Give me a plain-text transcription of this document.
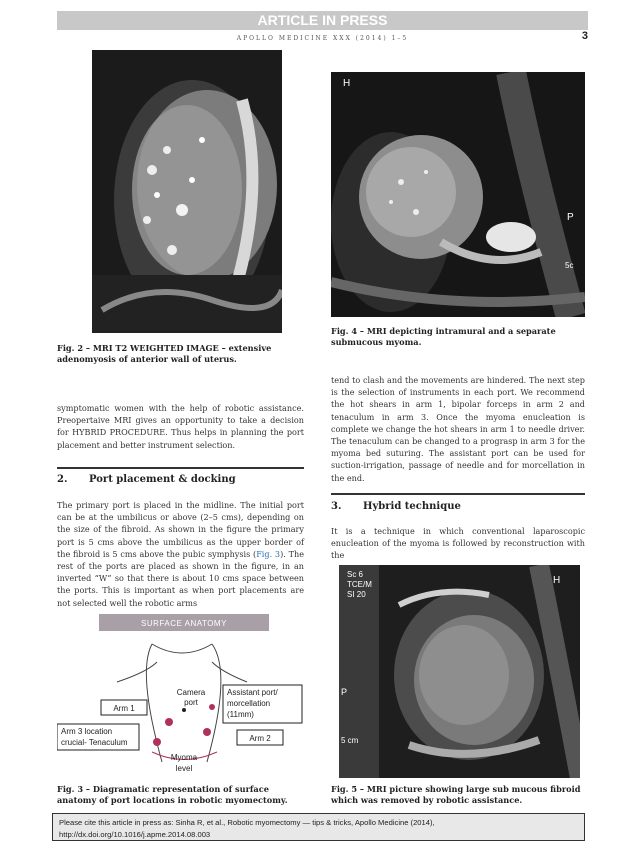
ARTICLE IN PRESS
APOLLO MEDICINE XXX (2014) 1–5	3
Fig. 2 – MRI T2 WEIGHTED IMAGE – extensive adenomyosis of anterior wall of uterus.
H
P
5c
Fig. 4 – MRI depicting intramural and a separate submucous myoma.
symptomatic women with the help of robotic assistance. Preopertaive MRI gives an opportunity to take a decision for HYBRID PROCEDURE. Thus helps in planning the port placement and better instrument selection.
2. Port placement & docking
The primary port is placed in the midline. The initial port can be at the umbilicus or above (2–5 cms), depending on the size of the fibroid. As shown in the figure the primary port is 5 cms above the umbilicus as the upper border of the fibroid is 5 cms above the pubic symphysis (Fig. 3). The rest of the ports are placed as shown in the figure, in an inverted “W” so that there is about 10 cms space between the ports. This is important as when port placements are not selected well the robotic arms
SURFACE ANATOMY
Arm 1
Camera
port
Assistant port/
morcellation
(11mm)
Arm 3 location
crucial- Tenaculum
Myoma
level
Arm 2
Fig. 3 – Diagramatic representation of surface anatomy of port locations in robotic myomectomy.
tend to clash and the movements are hindered. The next step is the selection of instruments in each port. We recommend the hot shears in arm 1, bipolar forceps in arm 2 and tenaculum in arm 3. Once the myoma enucleation is complete we change the hot shears in arm 1 to needle driver. The tenaculum can be changed to a prograsp in arm 3 for the myoma bed suturing. The assistant port can be used for suction-irrigation, passage of needle and for morcellation in the end.
3. Hybrid technique
It is a technique in which conventional laparoscopic enucleation of the myoma is followed by reconstruction with the
Sc 6
TCE/M
SI 20
H
P
5 cm
Fig. 5 – MRI picture showing large sub mucous fibroid which was removed by robotic assistance.
Please cite this article in press as: Sinha R, et al., Robotic myomectomy — tips & tricks, Apollo Medicine (2014), http://dx.doi.org/10.1016/j.apme.2014.08.003
